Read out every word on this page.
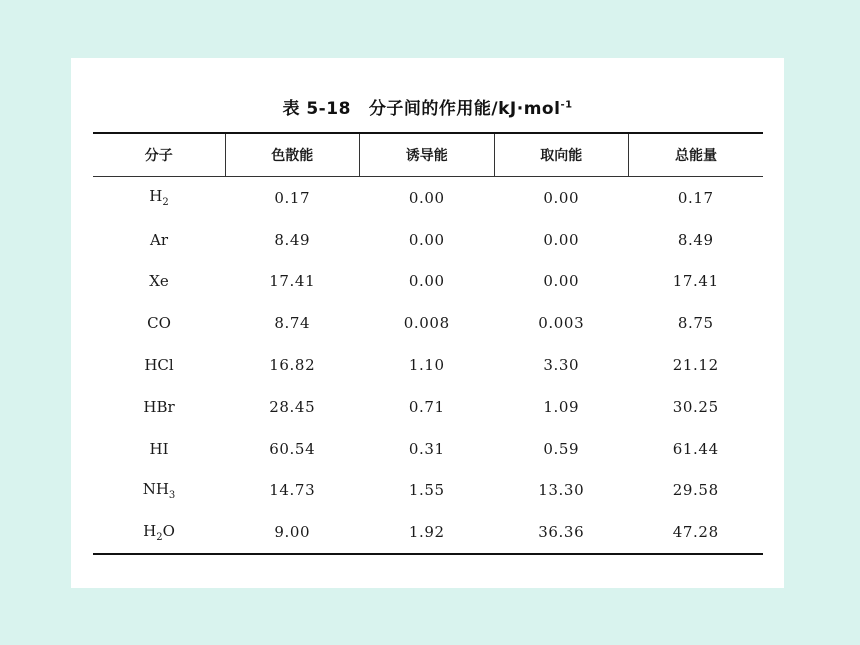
表 5-18 分子间的作用能/kJ·mol$^{-1}$
分子	色散能	诱导能	取向能	总能量
$H_2$	0.17	0.00	0.00	0.17
Ar	8.49	0.00	0.00	8.49
Xe	17.41	0.00	0.00	17.41
CO	8.74	0.008	0.003	8.75
HCl	16.82	1.10	3.30	21.12
HBr	28.45	0.71	1.09	30.25
HI	60.54	0.31	0.59	61.44
$NH_3$	14.73	1.55	13.30	29.58
$H_2O$	9.00	1.92	36.36	47.28
